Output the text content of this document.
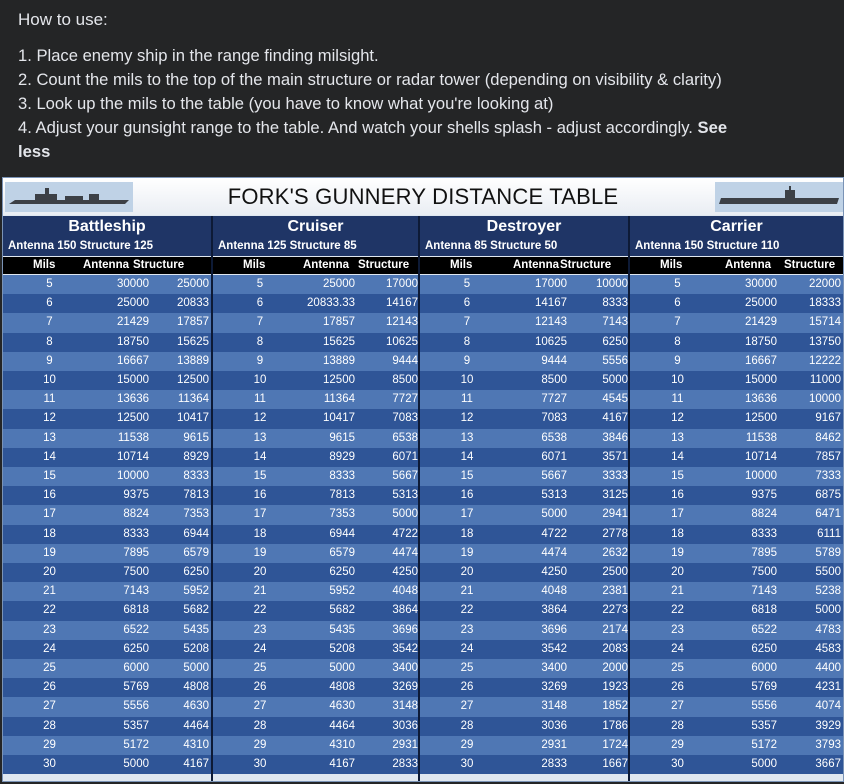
How to use:
1. Place enemy ship in the range finding milsight.
2. Count the mils to the top of the main structure or radar tower (depending on visibility & clarity)
3. Look up the mils to the table (you have to know what you're looking at)
4. Adjust your gunsight range to the table. And watch your shells splash - adjust accordingly. See
less
FORK'S GUNNERY DISTANCE TABLE
Battleship
Antenna 150 Structure 125
Cruiser
Antenna 125 Structure 85
Destroyer
Antenna 85 Structure 50
Carrier
Antenna 150 Structure 110
Mils Antenna Structure	Mils	Antenna Structure	Mils	Antenna Structure	Mils	Antenna Structure
5	30000	25000	5	25000	17000	5	17000	10000	5	30000	22000
6	25000	20833	6	20833.33	14167	6	14167	8333	6	25000	18333
7	21429	17857	7	17857	12143	7	12143	7143	7	21429	15714
8	18750	15625	8	15625	10625	8	10625	6250	8	18750	13750
9	16667	13889	9	13889	9444	9	9444	5556	9	16667	12222
10	15000	12500	10	12500	8500	10	8500	5000	10	15000	11000
11	13636	11364	11	11364	7727	11	7727	4545	11	13636	10000
12	12500	10417	12	10417	7083	12	7083	4167	12	12500	9167
13	11538	9615	13	9615	6538	13	6538	3846	13	11538	8462
14	10714	8929	14	8929	6071	14	6071	3571	14	10714	7857
15	10000	8333	15	8333	5667	15	5667	3333	15	10000	7333
16	9375	7813	16	7813	5313	16	5313	3125	16	9375	6875
17	8824	7353	17	7353	5000	17	5000	2941	17	8824	6471
18	8333	6944	18	6944	4722	18	4722	2778	18	8333	6111
19	7895	6579	19	6579	4474	19	4474	2632	19	7895	5789
20	7500	6250	20	6250	4250	20	4250	2500	20	7500	5500
21	7143	5952	21	5952	4048	21	4048	2381	21	7143	5238
22	6818	5682	22	5682	3864	22	3864	2273	22	6818	5000
23	6522	5435	23	5435	3696	23	3696	2174	23	6522	4783
24	6250	5208	24	5208	3542	24	3542	2083	24	6250	4583
25	6000	5000	25	5000	3400	25	3400	2000	25	6000	4400
26	5769	4808	26	4808	3269	26	3269	1923	26	5769	4231
27	5556	4630	27	4630	3148	27	3148	1852	27	5556	4074
28	5357	4464	28	4464	3036	28	3036	1786	28	5357	3929
29	5172	4310	29	4310	2931	29	2931	1724	29	5172	3793
30	5000	4167	30	4167	2833	30	2833	1667	30	5000	3667
